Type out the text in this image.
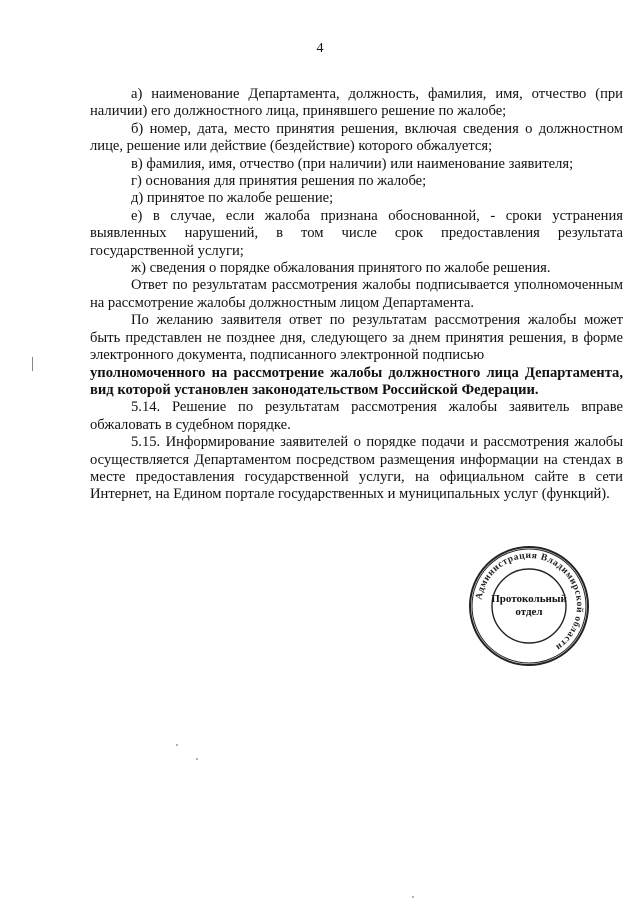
4

а) наименование Департамента, должность, фамилия, имя, отчество (при наличии) его должностного лица, принявшего решение по жалобе;

б) номер, дата, место принятия решения, включая сведения о должностном лице, решение или действие (бездействие) которого обжалуется;

в) фамилия, имя, отчество (при наличии) или наименование заявителя;

г) основания для принятия решения по жалобе;

д) принятое по жалобе решение;

е) в случае, если жалоба признана обоснованной, - сроки устранения выявленных нарушений, в том числе срок предоставления результата государственной услуги;

ж) сведения о порядке обжалования принятого по жалобе решения.

Ответ по результатам рассмотрения жалобы подписывается уполномоченным на рассмотрение жалобы должностным лицом Департамента.

По желанию заявителя ответ по результатам рассмотрения жалобы может быть представлен не позднее дня, следующего за днем принятия решения, в форме электронного документа, подписанного электронной подписью

уполномоченного на рассмотрение жалобы должностного лица Департамента, вид которой установлен законодательством Российской Федерации.

5.14. Решение по результатам рассмотрения жалобы заявитель вправе обжаловать в судебном порядке.

5.15. Информирование заявителей о порядке подачи и рассмотрения жалобы осуществляется Департаментом посредством размещения информации на стендах в месте предоставления государственной услуги, на официальном сайте в сети Интернет, на Едином портале государственных и муниципальных услуг (функций).

Администрация Владимирской области
Протокольный
отдел
